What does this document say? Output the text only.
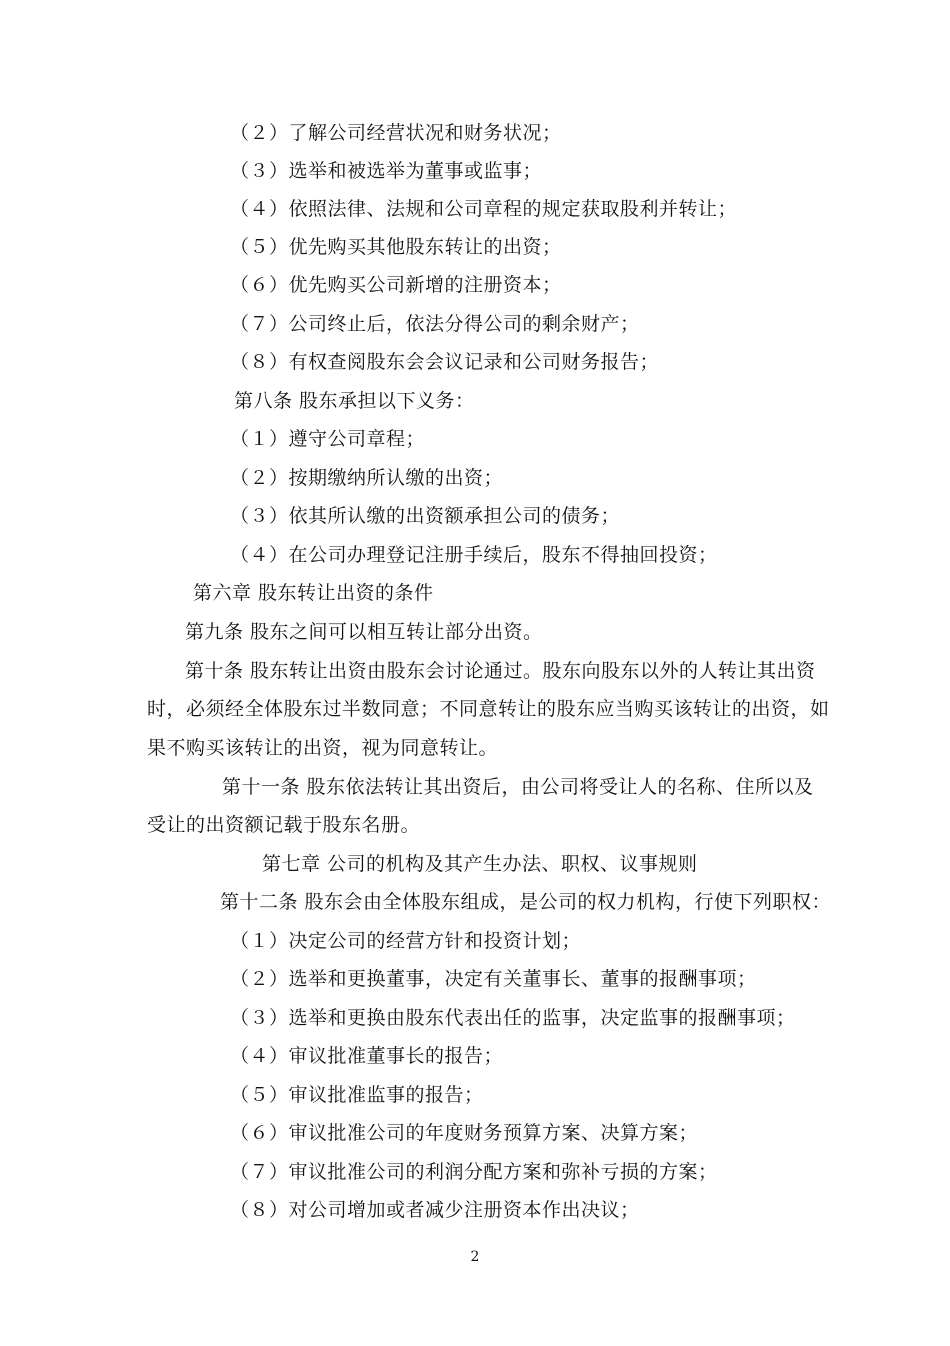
（２）了解公司经营状况和财务状况；
（３）选举和被选举为董事或监事；
（４）依照法律、法规和公司章程的规定获取股利并转让；
（５）优先购买其他股东转让的出资；
（６）优先购买公司新增的注册资本；
（７）公司终止后，依法分得公司的剩余财产；
（８）有权查阅股东会会议记录和公司财务报告；
第八条 股东承担以下义务：
（１）遵守公司章程；
（２）按期缴纳所认缴的出资；
（３）依其所认缴的出资额承担公司的债务；
（４）在公司办理登记注册手续后，股东不得抽回投资；
第六章 股东转让出资的条件
第九条 股东之间可以相互转让部分出资。
第十条 股东转让出资由股东会讨论通过。股东向股东以外的人转让其出资
时，必须经全体股东过半数同意；不同意转让的股东应当购买该转让的出资，如
果不购买该转让的出资，视为同意转让。
第十一条 股东依法转让其出资后，由公司将受让人的名称、住所以及
受让的出资额记载于股东名册。
第七章 公司的机构及其产生办法、职权、议事规则
第十二条 股东会由全体股东组成，是公司的权力机构，行使下列职权：
（１）决定公司的经营方针和投资计划；
（２）选举和更换董事，决定有关董事长、董事的报酬事项；
（３）选举和更换由股东代表出任的监事，决定监事的报酬事项；
（４）审议批准董事长的报告；
（５）审议批准监事的报告；
（６）审议批准公司的年度财务预算方案、决算方案；
（７）审议批准公司的利润分配方案和弥补亏损的方案；
（８）对公司增加或者减少注册资本作出决议；
2
